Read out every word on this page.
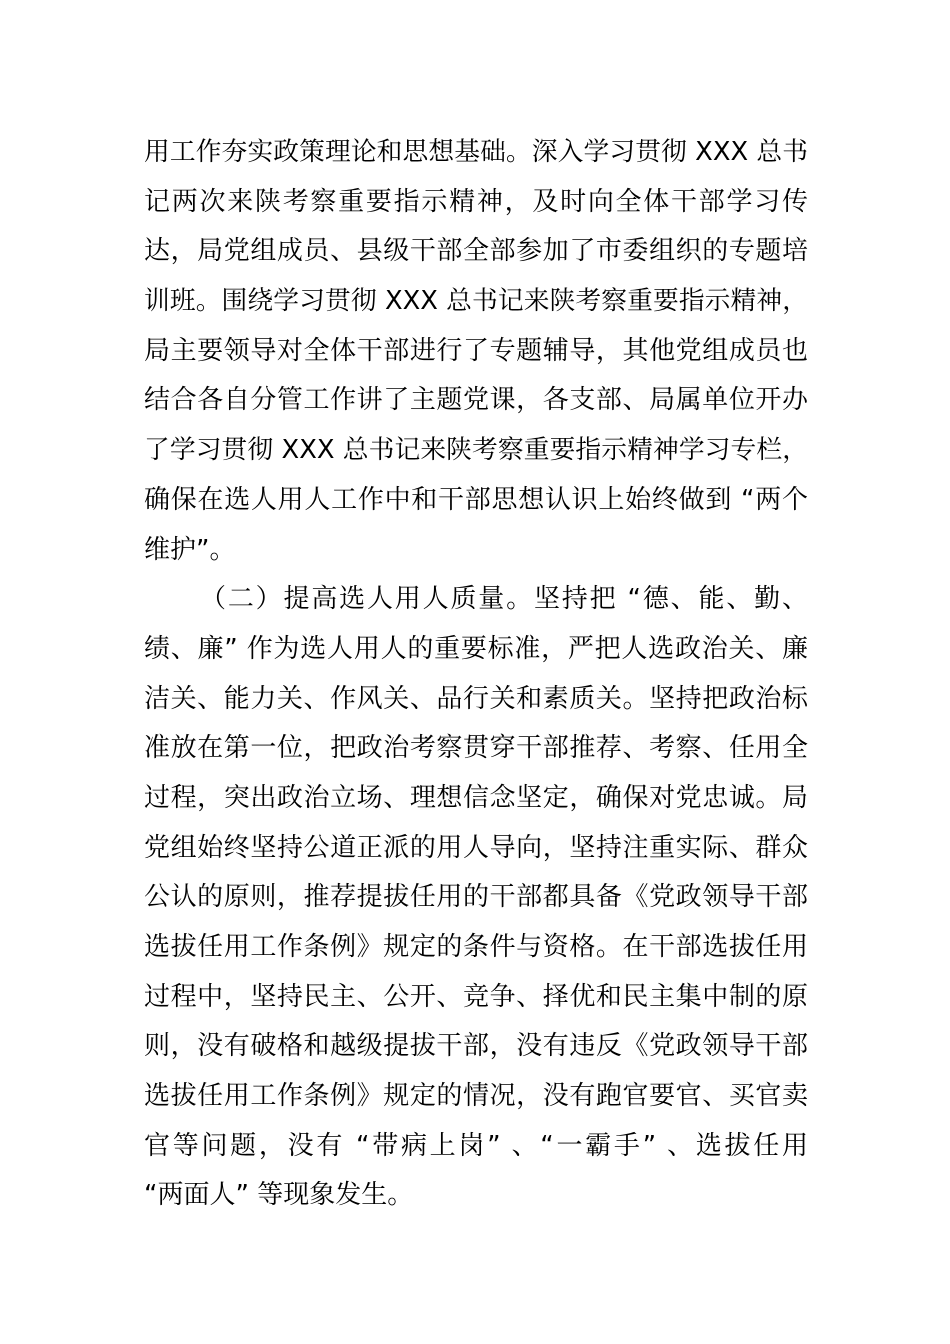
用工作夯实政策理论和思想基础。深入学习贯彻 XXX 总书
记两次来陕考察重要指示精神，及时向全体干部学习传
达，局党组成员、县级干部全部参加了市委组织的专题培
训班。围绕学习贯彻 XXX 总书记来陕考察重要指示精神，
局主要领导对全体干部进行了专题辅导，其他党组成员也
结合各自分管工作讲了主题党课，各支部、局属单位开办
了学习贯彻 XXX 总书记来陕考察重要指示精神学习专栏，
确保在选人用人工作中和干部思想认识上始终做到 “两个
维护”。
（二）提高选人用人质量。坚持把 “德、能、勤、
绩、廉” 作为选人用人的重要标准，严把人选政治关、廉
洁关、能力关、作风关、品行关和素质关。坚持把政治标
准放在第一位，把政治考察贯穿干部推荐、考察、任用全
过程，突出政治立场、理想信念坚定，确保对党忠诚。局
党组始终坚持公道正派的用人导向，坚持注重实际、群众
公认的原则，推荐提拔任用的干部都具备《党政领导干部
选拔任用工作条例》规定的条件与资格。在干部选拔任用
过程中，坚持民主、公开、竞争、择优和民主集中制的原
则，没有破格和越级提拔干部，没有违反《党政领导干部
选拔任用工作条例》规定的情况，没有跑官要官、买官卖
官等问题，没有 “带病上岗” 、“一霸手” 、选拔任用
“两面人” 等现象发生。
